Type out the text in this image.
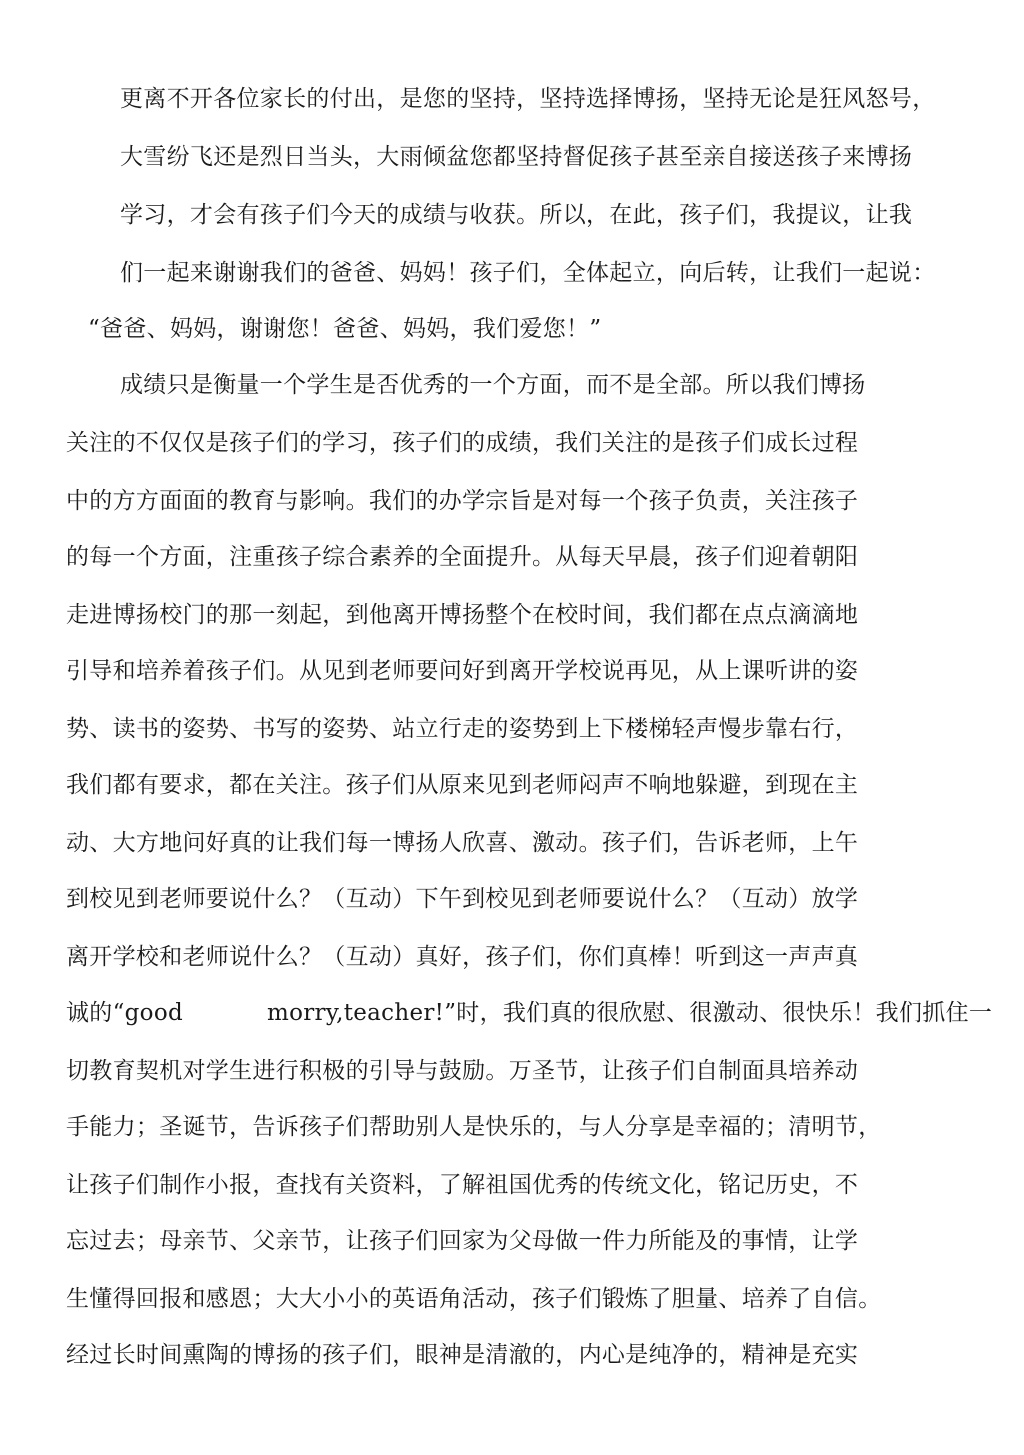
更离不开各位家长的付出，是您的坚持，坚持选择博扬，坚持无论是狂风怒号，
大雪纷飞还是烈日当头，大雨倾盆您都坚持督促孩子甚至亲自接送孩子来博扬
学习，才会有孩子们今天的成绩与收获。所以，在此，孩子们，我提议，让我
们一起来谢谢我们的爸爸、妈妈！孩子们，全体起立，向后转，让我们一起说：
“爸爸、妈妈，谢谢您！爸爸、妈妈，我们爱您！”
成绩只是衡量一个学生是否优秀的一个方面，而不是全部。所以我们博扬
关注的不仅仅是孩子们的学习，孩子们的成绩，我们关注的是孩子们成长过程
中的方方面面的教育与影响。我们的办学宗旨是对每一个孩子负责，关注孩子
的每一个方面，注重孩子综合素养的全面提升。从每天早晨，孩子们迎着朝阳
走进博扬校门的那一刻起，到他离开博扬整个在校时间，我们都在点点滴滴地
引导和培养着孩子们。从见到老师要问好到离开学校说再见，从上课听讲的姿
势、读书的姿势、书写的姿势、站立行走的姿势到上下楼梯轻声慢步靠右行，
我们都有要求，都在关注。孩子们从原来见到老师闷声不响地躲避，到现在主
动、大方地问好真的让我们每一博扬人欣喜、激动。孩子们，告诉老师，上午
到校见到老师要说什么？（互动）下午到校见到老师要说什么？（互动）放学
离开学校和老师说什么？（互动）真好，孩子们，你们真棒！听到这一声声真
诚的“good	morry,teacher!”时，我们真的很欣慰、很激动、很快乐！我们抓住一
切教育契机对学生进行积极的引导与鼓励。万圣节，让孩子们自制面具培养动
手能力；圣诞节，告诉孩子们帮助别人是快乐的，与人分享是幸福的；清明节，
让孩子们制作小报，查找有关资料，了解祖国优秀的传统文化，铭记历史，不
忘过去；母亲节、父亲节，让孩子们回家为父母做一件力所能及的事情，让学
生懂得回报和感恩；大大小小的英语角活动，孩子们锻炼了胆量、培养了自信。
经过长时间熏陶的博扬的孩子们，眼神是清澈的，内心是纯净的，精神是充实
